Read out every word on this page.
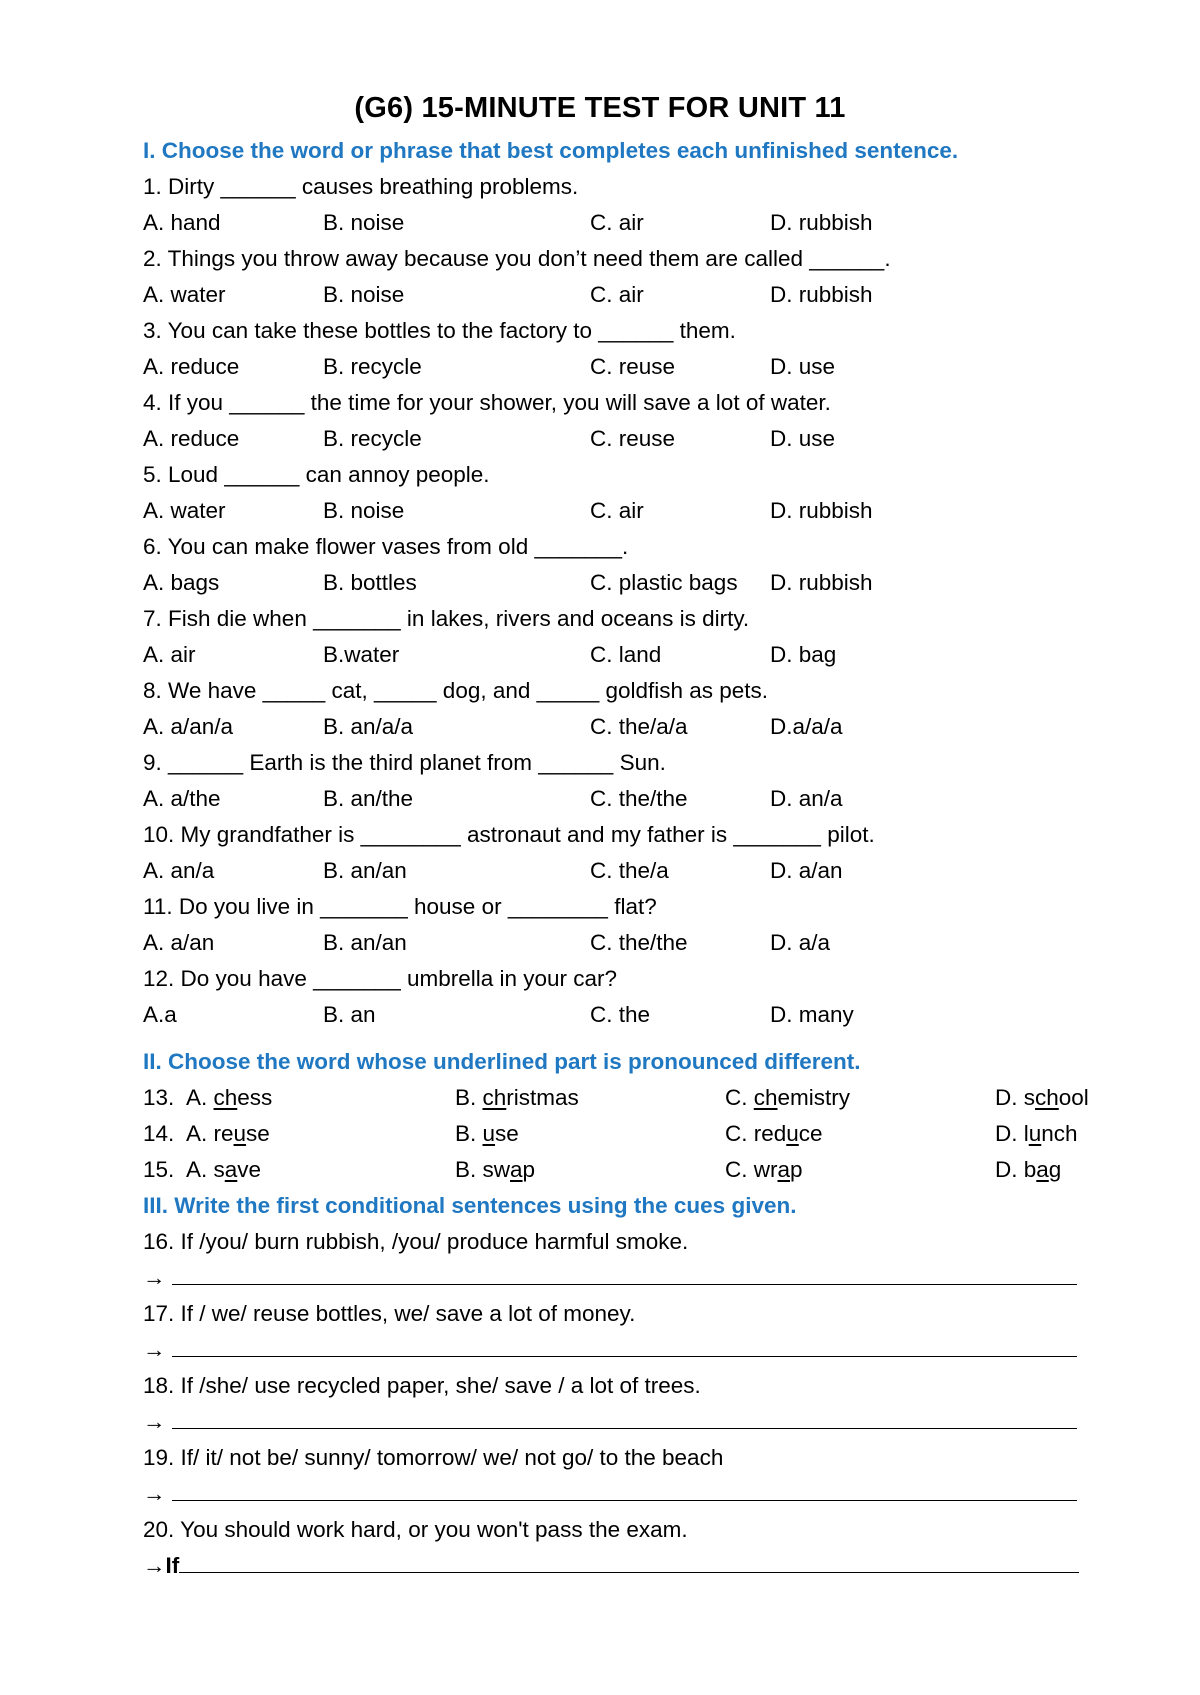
(G6) 15-MINUTE TEST FOR UNIT 11
I. Choose the word or phrase that best completes each unfinished sentence.
1. Dirty ______ causes breathing problems.
A. hand	B. noise	C. air	D. rubbish
2. Things you throw away because you don’t need them are called ______.
A. water	B. noise	C. air	D. rubbish
3. You can take these bottles to the factory to ______ them.
A. reduce	B. recycle	C. reuse	D. use
4. If you ______ the time for your shower, you will save a lot of water.
A. reduce	B. recycle	C. reuse	D. use
5. Loud ______ can annoy people.
A. water	B. noise	C. air	D. rubbish
6. You can make flower vases from old _______.
A. bags	B. bottles	C. plastic bags D. rubbish
7. Fish die when _______ in lakes, rivers and oceans is dirty.
A. air	B.water	C. land	D. bag
8. We have _____ cat, _____ dog, and _____ goldfish as pets.
A. a/an/a	B. an/a/a	C. the/a/a	D.a/a/a
9. ______ Earth is the third planet from ______ Sun.
A. a/the	B. an/the	C. the/the	D. an/a
10. My grandfather is ________ astronaut and my father is _______ pilot.
A. an/a	B. an/an	C. the/a	D. a/an
11. Do you live in _______ house or ________ flat?
A. a/an	B. an/an	C. the/the	D. a/a
12. Do you have _______ umbrella in your car?
A.a	B. an	C. the	D. many
II. Choose the word whose underlined part is pronounced different.
13. A. chess	B. christmas	C. chemistry	D. school
14. A. reuse	B. use	C. reduce	D. lunch
15. A. save	B. swap	C. wrap	D. bag
III. Write the first conditional sentences using the cues given.
16. If /you/ burn rubbish, /you/ produce harmful smoke.
→
17. If / we/ reuse bottles, we/ save a lot of money.
→
18. If /she/ use recycled paper, she/ save / a lot of trees.
→
19. If/ it/ not be/ sunny/ tomorrow/ we/ not go/ to the beach
→
20. You should work hard, or you won't pass the exam.
→If
